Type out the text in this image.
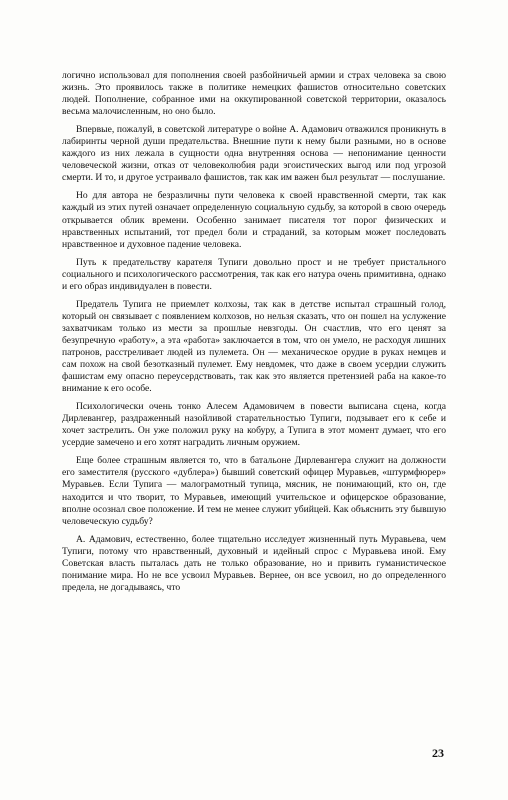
логично использовал для пополнения своей разбойничьей армии и страх человека за свою жизнь. Это проявилось также в политике немецких фашистов относительно советских людей. Пополнение, собранное ими на оккупированной советской территории, оказалось весьма малочисленным, но оно было.

Впервые, пожалуй, в советской литературе о войне А. Адамович отважился проникнуть в лабиринты черной души предательства. Внешние пути к нему были разными, но в основе каждого из них лежала в сущности одна внутренняя основа — непонимание ценности человеческой жизни, отказ от человеколюбия ради эгоистических выгод или под угрозой смерти. И то, и другое устраивало фашистов, так как им важен был результат — послушание.

Но для автора не безразличны пути человека к своей нравственной смерти, так как каждый из этих путей означает определенную социальную судьбу, за которой в свою очередь открывается облик времени. Особенно занимает писателя тот порог физических и нравственных испытаний, тот предел боли и страданий, за которым может последовать нравственное и духовное падение человека.

Путь к предательству карателя Тупиги довольно прост и не требует пристального социального и психологического рассмотрения, так как его натура очень примитивна, однако и его образ индивидуален в повести.

Предатель Тупига не приемлет колхозы, так как в детстве испытал страшный голод, который он связывает с появлением колхозов, но нельзя сказать, что он пошел на услужение захватчикам только из мести за прошлые невзгоды. Он счастлив, что его ценят за безупречную «работу», а эта «работа» заключается в том, что он умело, не расходуя лишних патронов, расстреливает людей из пулемета. Он — механическое орудие в руках немцев и сам похож на свой безотказный пулемет. Ему невдомек, что даже в своем усердии служить фашистам ему опасно переусердствовать, так как это является претензией раба на какое-то внимание к его особе.

Психологически очень тонко Алесем Адамовичем в повести выписана сцена, когда Дирлевангер, раздраженный назойливой старательностью Тупиги, подзывает его к себе и хочет застрелить. Он уже положил руку на кобуру, а Тупига в этот момент думает, что его усердие замечено и его хотят наградить личным оружием.

Еще более страшным является то, что в батальоне Дирлевангера служит на должности его заместителя (русского «дублера») бывший советский офицер Муравьев, «штурмфюрер» Муравьев. Если Тупига — малограмотный тупица, мясник, не понимающий, кто он, где находится и что творит, то Муравьев, имеющий учительское и офицерское образование, вполне осознал свое положение. И тем не менее служит убийцей. Как объяснить эту бывшую человеческую судьбу?

А. Адамович, естественно, более тщательно исследует жизненный путь Муравьева, чем Тупиги, потому что нравственный, духовный и идейный спрос с Муравьева иной. Ему Советская власть пыталась дать не только образование, но и привить гуманистическое понимание мира. Но не все усвоил Муравьев. Вернее, он все усвоил, но до определенного предела, не догадываясь, что

23
